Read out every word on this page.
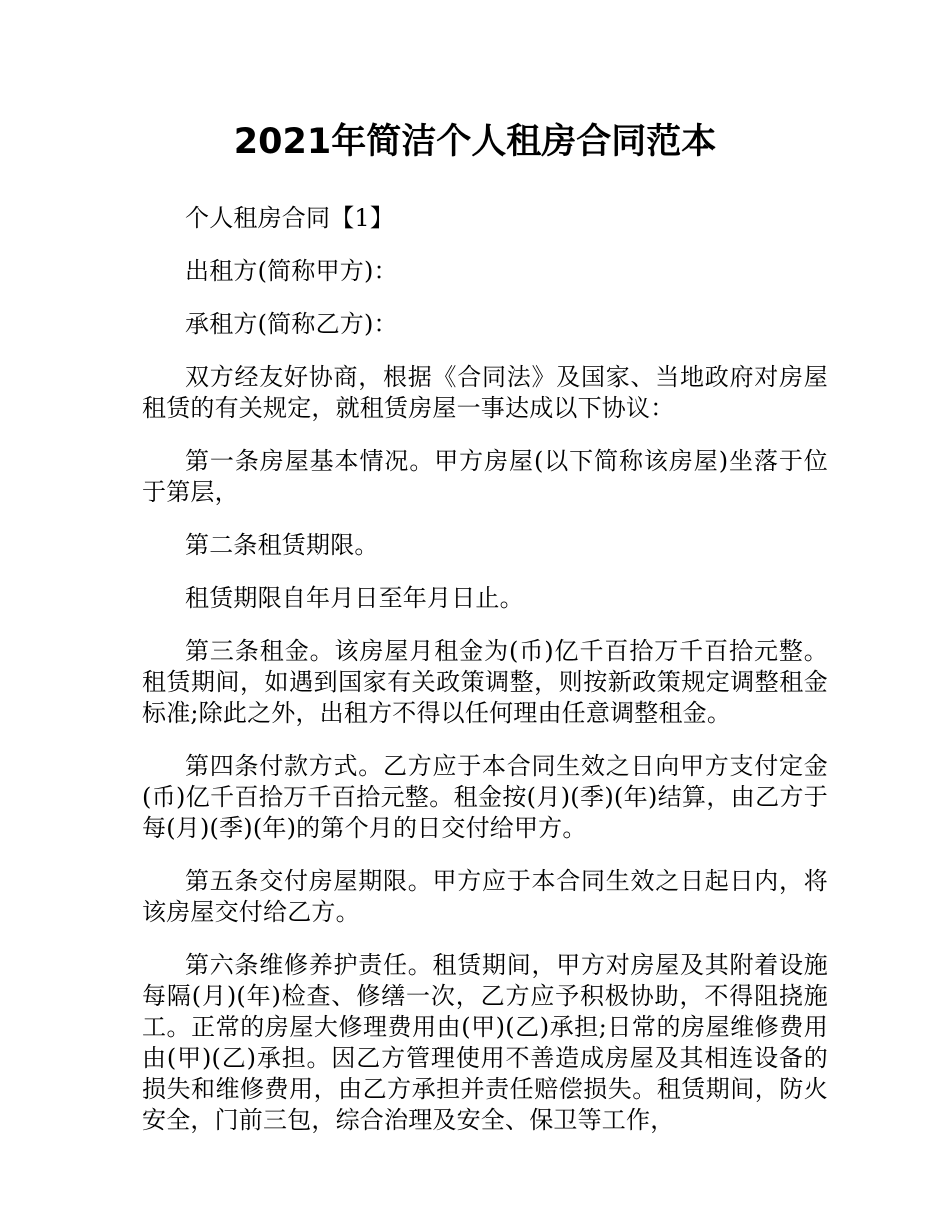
2021年简洁个人租房合同范本

个人租房合同【1】

出租方(简称甲方)：

承租方(简称乙方)：

双方经友好协商，根据《合同法》及国家、当地政府对房屋租赁的有关规定，就租赁房屋一事达成以下协议：

第一条房屋基本情况。甲方房屋(以下简称该房屋)坐落于位于第层，

第二条租赁期限。

租赁期限自年月日至年月日止。

第三条租金。该房屋月租金为(币)亿千百拾万千百拾元整。租赁期间，如遇到国家有关政策调整，则按新政策规定调整租金标准;除此之外，出租方不得以任何理由任意调整租金。

第四条付款方式。乙方应于本合同生效之日向甲方支付定金(币)亿千百拾万千百拾元整。租金按(月)(季)(年)结算，由乙方于每(月)(季)(年)的第个月的日交付给甲方。

第五条交付房屋期限。甲方应于本合同生效之日起日内，将该房屋交付给乙方。

第六条维修养护责任。租赁期间，甲方对房屋及其附着设施每隔(月)(年)检查、修缮一次，乙方应予积极协助，不得阻挠施工。正常的房屋大修理费用由(甲)(乙)承担;日常的房屋维修费用由(甲)(乙)承担。因乙方管理使用不善造成房屋及其相连设备的损失和维修费用，由乙方承担并责任赔偿损失。租赁期间，防火安全，门前三包，综合治理及安全、保卫等工作，
